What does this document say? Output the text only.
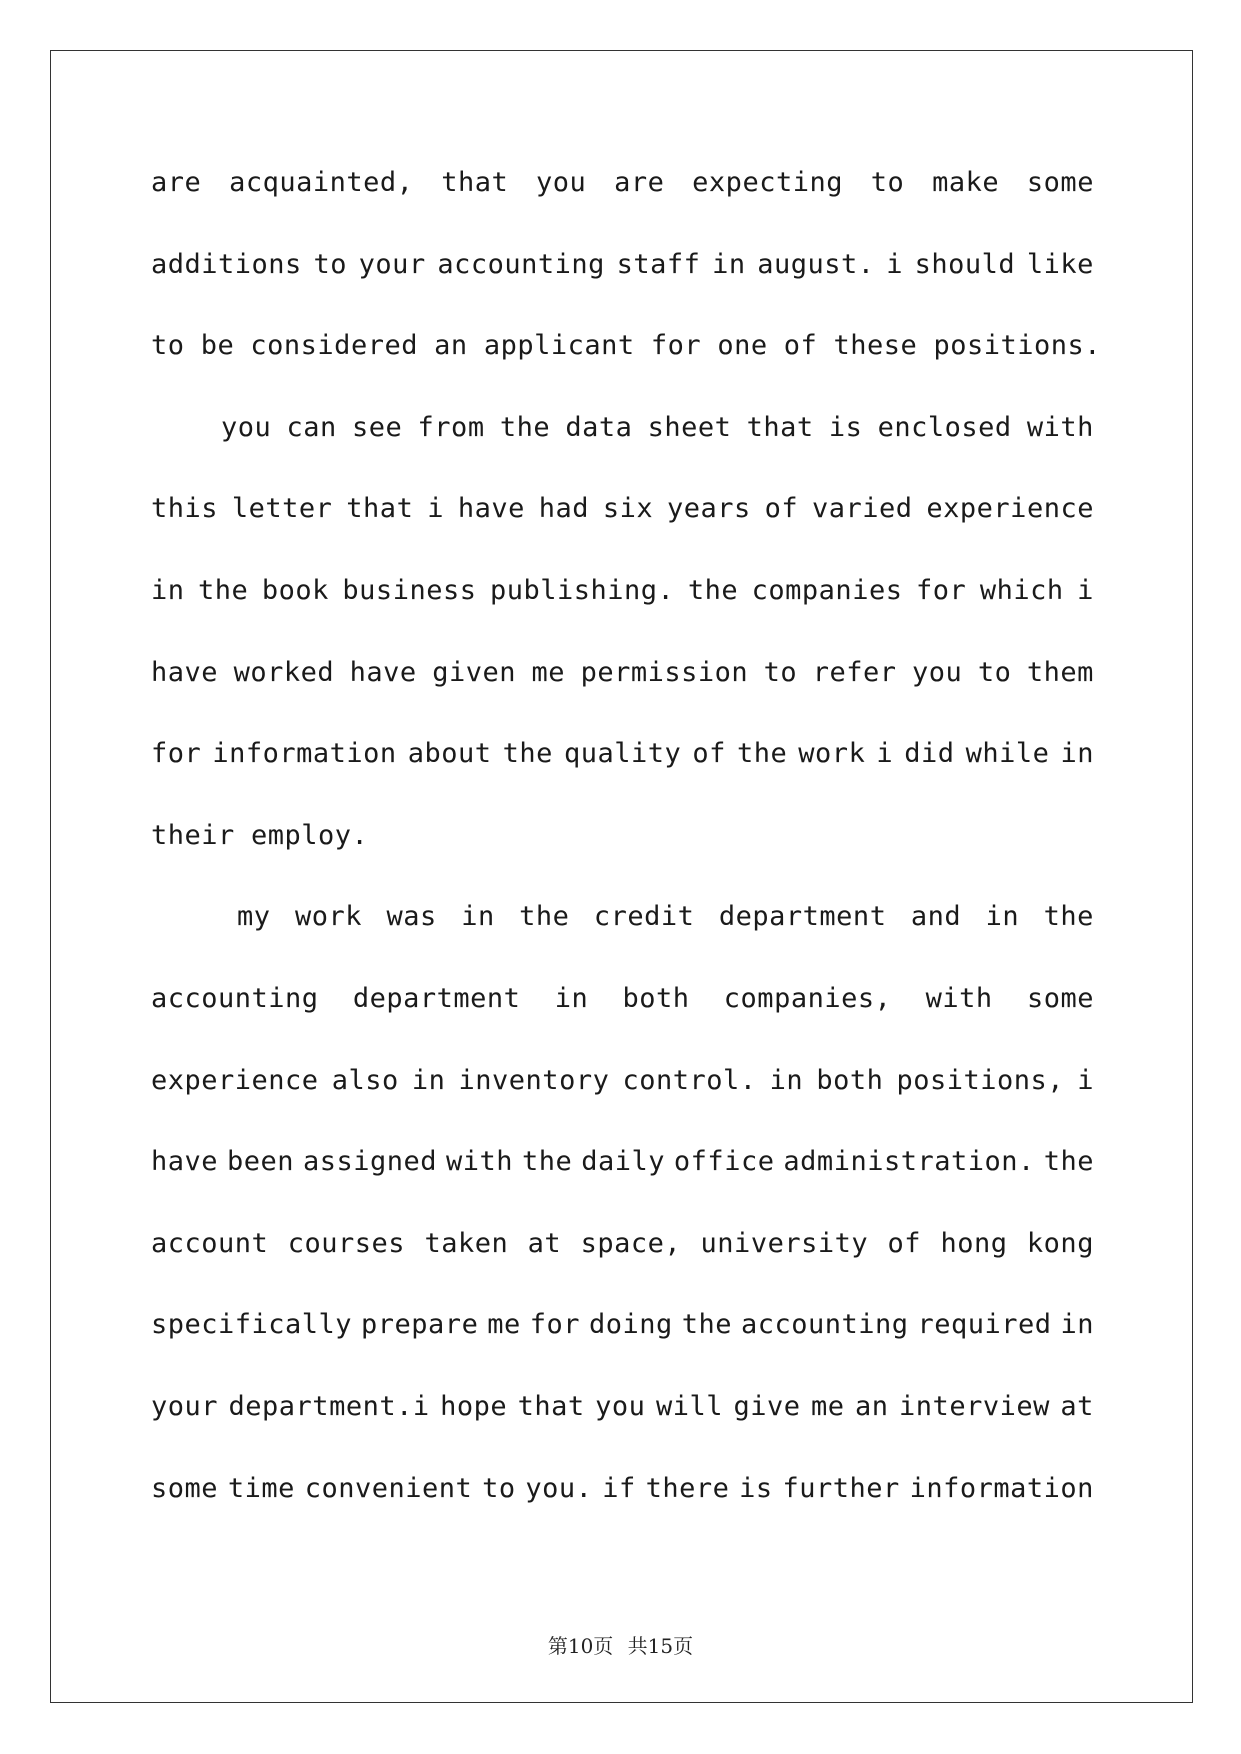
are acquainted, that you are expecting to make some
additions to your accounting staff in august. i should like
to be considered an applicant for one of these positions.
you can see from the data sheet that is enclosed with
this letter that i have had six years of varied experience
in the book business publishing. the companies for which i
have worked have given me permission to refer you to them
for information about the quality of the work i did while in
their employ.
my work was in the credit department and in the
accounting department in both companies, with some
experience also in inventory control. in both positions, i
have been assigned with the daily office administration. the
account courses taken at space, university of hong kong
specifically prepare me for doing the accounting required in
your department.i hope that you will give me an interview at
some time convenient to you. if there is further information
第10页 共15页
